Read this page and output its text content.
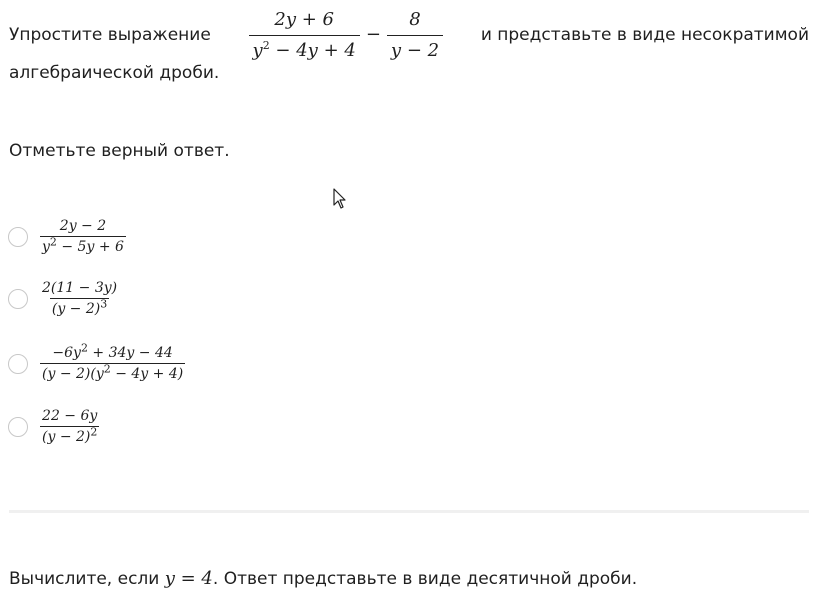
Упростите выражение $\frac{2y + 6}{y^2 - 4y + 4} - \frac{8}{y - 2}$ и представьте в виде несократимой
алгебраической дроби.
Отметьте верный ответ.
$\frac{2y - 2}{y^2 - 5y + 6}$
$\frac{2(11 - 3y)}{(y - 2)^3}$
$\frac{-6y^2 + 34y - 44}{(y - 2)(y^2 - 4y + 4)}$
$\frac{22 - 6y}{(y - 2)^2}$
Вычислите, если y = 4. Ответ представьте в виде десятичной дроби.
